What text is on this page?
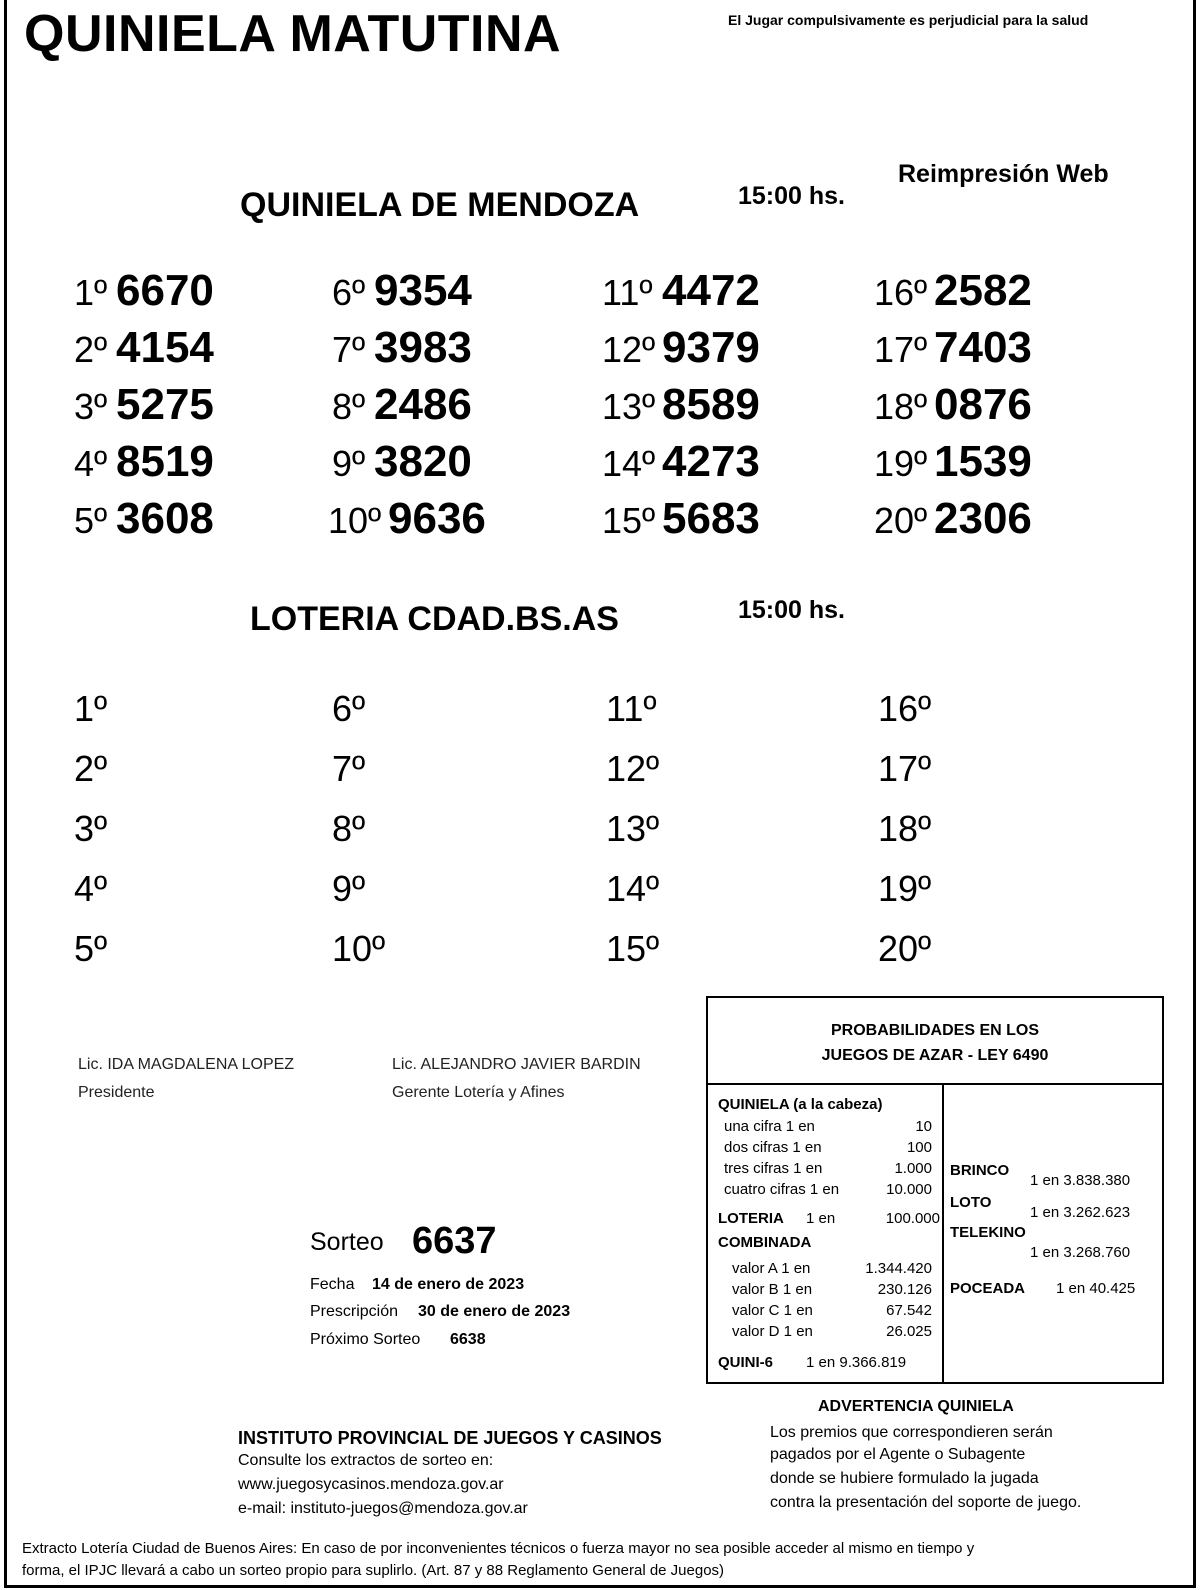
QUINIELA MATUTINA	El Jugar compulsivamente es perjudicial para la salud
Reimpresión Web
QUINIELA DE MENDOZA	15:00 hs.
1º 6670
2º 4154
3º 5275
4º 8519
5º 3608
6º 9354
7º 3983
8º 2486
9º 3820
10º 9636
11º 4472
12º 9379
13º 8589
14º 4273
15º 5683
16º 2582
17º 7403
18º 0876
19º 1539
20º 2306
LOTERIA CDAD.BS.AS	15:00 hs.
1º
2º
3º
4º
5º
6º
7º
8º
9º
10º
11º
12º
13º
14º
15º
16º
17º
18º
19º
20º
Lic. IDA MAGDALENA LOPEZ
Presidente
Lic. ALEJANDRO JAVIER BARDIN
Gerente Lotería y Afines
Sorteo 6637
Fecha 14 de enero de 2023
Prescripción 30 de enero de 2023
Próximo Sorteo 6638
PROBABILIDADES EN LOS
JUEGOS DE AZAR - LEY 6490
QUINIELA (a la cabeza)
una cifra 1 en	10
dos cifras 1 en	100
tres cifras 1 en	1.000
cuatro cifras 1 en	10.000
LOTERIA 1 en	100.000
COMBINADA
valor A 1 en	1.344.420
valor B 1 en	230.126
valor C 1 en	67.542
valor D 1 en	26.025
QUINI-6 1 en 9.366.819
BRINCO
1 en 3.838.380
LOTO
1 en 3.262.623
TELEKINO
1 en 3.268.760
POCEADA 1 en 40.425
ADVERTENCIA QUINIELA
Los premios que correspondieren serán
pagados por el Agente o Subagente
donde se hubiere formulado la jugada
contra la presentación del soporte de juego.
INSTITUTO PROVINCIAL DE JUEGOS Y CASINOS
Consulte los extractos de sorteo en:
www.juegosycasinos.mendoza.gov.ar
e-mail: instituto-juegos@mendoza.gov.ar
Extracto Lotería Ciudad de Buenos Aires: En caso de por inconvenientes técnicos o fuerza mayor no sea posible acceder al mismo en tiempo y
forma, el IPJC llevará a cabo un sorteo propio para suplirlo. (Art. 87 y 88 Reglamento General de Juegos)
